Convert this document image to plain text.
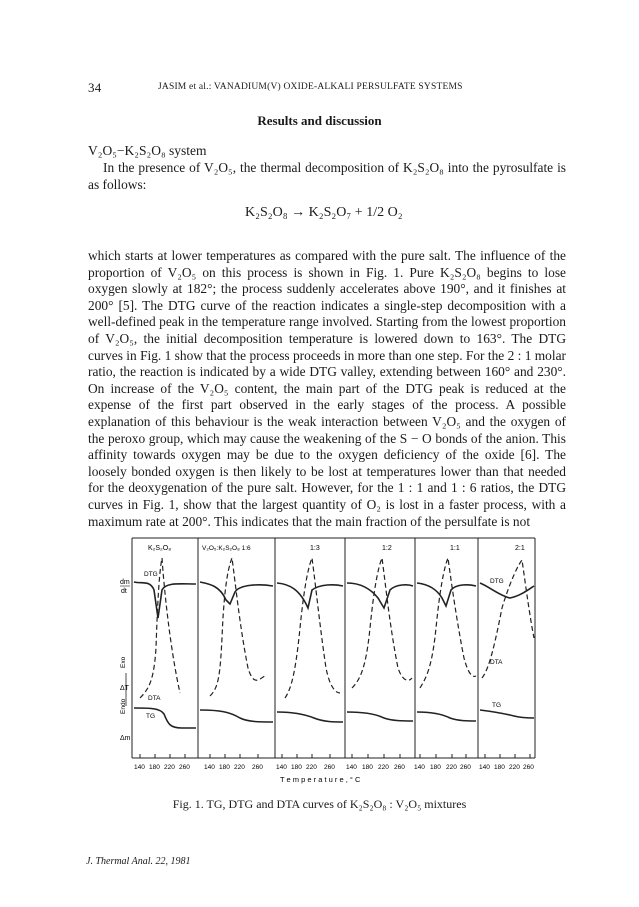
34	JASIM et al.: VANADIUM(V) OXIDE-ALKALI PERSULFATE SYSTEMS
Results and discussion
V₂O₅−K₂S₂O₈ system
In the presence of V₂O₅, the thermal decomposition of K₂S₂O₈ into the pyrosulfate is as follows:
K₂S₂O₈ → K₂S₂O₇ + 1/2 O₂
which starts at lower temperatures as compared with the pure salt. The influence of the proportion of V₂O₅ on this process is shown in Fig. 1. Pure K₂S₂O₈ begins to lose oxygen slowly at 182°; the process suddenly accelerates above 190°, and it finishes at 200° [5]. The DTG curve of the reaction indicates a single-step decomposition with a well-defined peak in the temperature range involved. Starting from the lowest proportion of V₂O₅, the initial decomposition temperature is lowered down to 163°. The DTG curves in Fig. 1 show that the process proceeds in more than one step. For the 2 : 1 molar ratio, the reaction is indicated by a wide DTG valley, extending between 160° and 230°. On increase of the V₂O₅ content, the main part of the DTG peak is reduced at the expense of the first part observed in the early stages of the process. A possible explanation of this behaviour is the weak interaction between V₂O₅ and the oxygen of the peroxo group, which may cause the weakening of the S − O bonds of the anion. This affinity towards oxygen may be due to the oxygen deficiency of the oxide [6]. The loosely bonded oxygen is then likely to be lost at temperatures lower than that needed for the deoxygenation of the pure salt. However, for the 1 : 1 and 1 : 6 ratios, the DTG curves in Fig. 1, show that the largest quantity of O₂ is lost in a faster process, with a maximum rate at 200°. This indicates that the main fraction of the persulfate is not
K₂S₂O₈	V₂O₅:K₂S₂O₈ 1:6	1:3	1:2	1:1	2:1
dm
dt
Exo
ΔT
Endo
Δm
DTG
DTA
TG
DTG
DTA
TG
140 180 220 260 140 180 220 260 140 180 220 260 140 180 220 260 140 180 220 260 140 180 220 260
T e m p e r a t u r e , ° C
Fig. 1. TG, DTG and DTA curves of K₂S₂O₈ : V₂O₅ mixtures
J. Thermal Anal. 22, 1981
